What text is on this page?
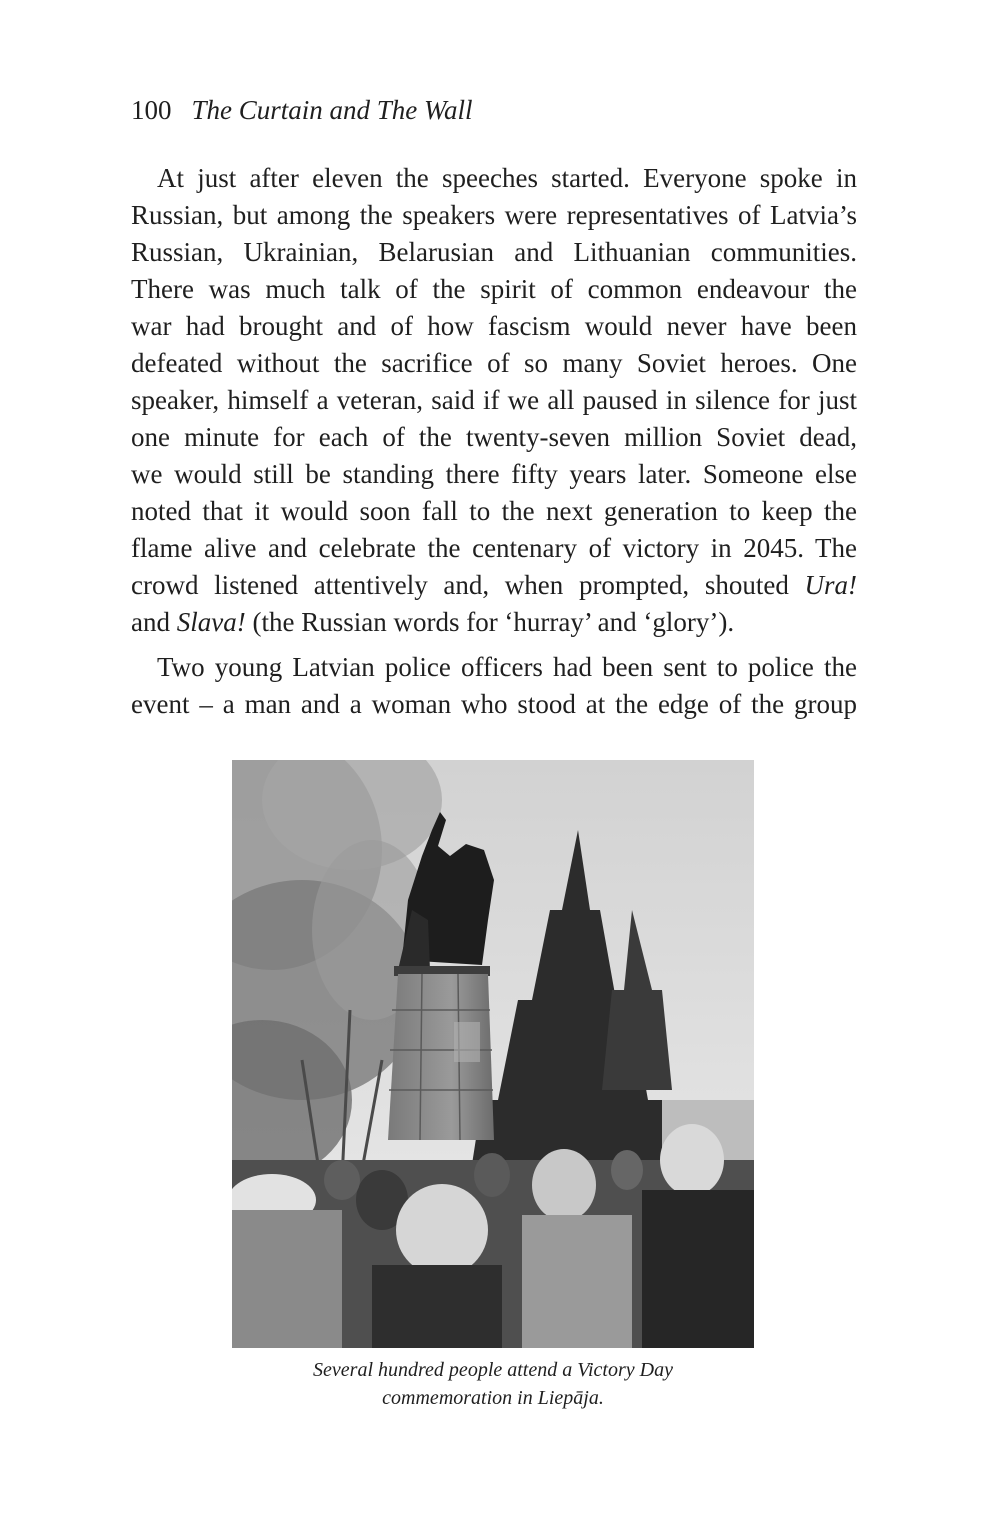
100 The Curtain and The Wall
At just after eleven the speeches started. Everyone spoke in
Russian, but among the speakers were representatives of Latvia’s
Russian, Ukrainian, Belarusian and Lithuanian communities.
There was much talk of the spirit of common endeavour the
war had brought and of how fascism would never have been
defeated without the sacrifice of so many Soviet heroes. One
speaker, himself a veteran, said if we all paused in silence for just
one minute for each of the twenty-seven million Soviet dead,
we would still be standing there fifty years later. Someone else
noted that it would soon fall to the next generation to keep the
flame alive and celebrate the centenary of victory in 2045. The
crowd listened attentively and, when prompted, shouted Ura!
and Slava! (the Russian words for ‘hurray’ and ‘glory’).
Two young Latvian police officers had been sent to police the
event – a man and a woman who stood at the edge of the group
Several hundred people attend a Victory Day
commemoration in Liepāja.
